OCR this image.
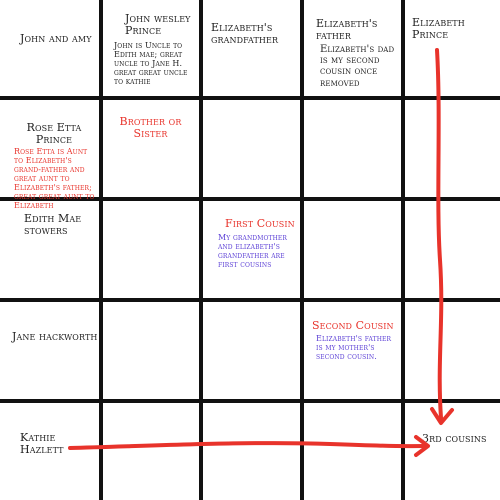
John and amy
John wesley Prince
John is Uncle to Edith mae; great uncle to Jane H. great great uncle to kathie
Elizabeth's grandfather
Elizabeth's father
Elizabeth's dad is my second cousin once removed
Elizabeth Prince
Rose Etta Prince
Rose Etta is Aunt to Elizabeth's grand-father and great aunt to Elizabeth's father; great great aunt to Elizabeth
Brother or Sister
Edith Mae stowers
First Cousin
My grandmother and elizabeth's grandfather are first cousins
Jane hackworth
Second Cousin
Elizabeth's father is my mother's second cousin.
Kathie Hazlett
3rd cousins
